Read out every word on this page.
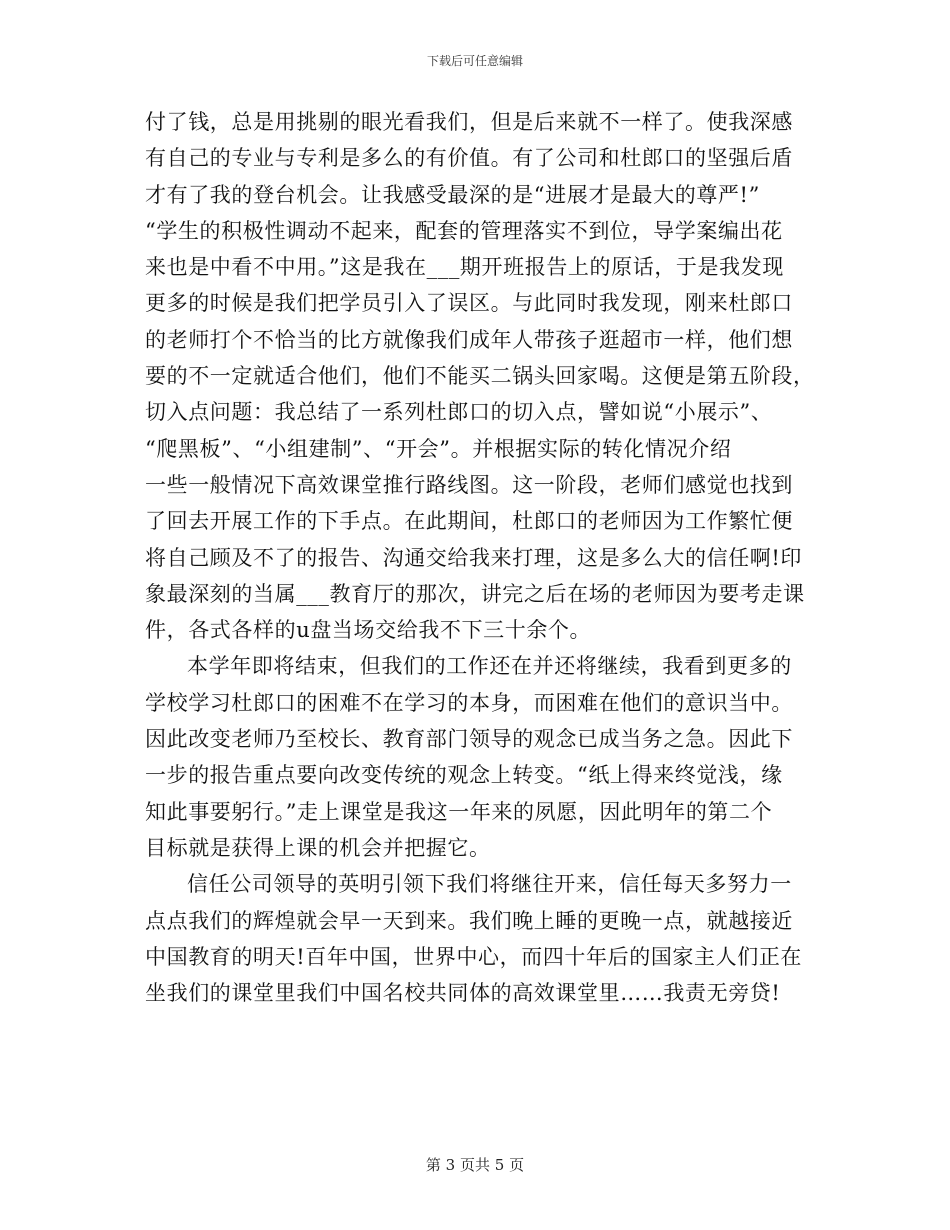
下载后可任意编辑
付了钱，总是用挑剔的眼光看我们，但是后来就不一样了。使我深感
有自己的专业与专利是多么的有价值。有了公司和杜郎口的坚强后盾
才有了我的登台机会。让我感受最深的是“进展才是最大的尊严!”
“学生的积极性调动不起来，配套的管理落实不到位，导学案编出花
来也是中看不中用。”这是我在___期开班报告上的原话，于是我发现
更多的时候是我们把学员引入了误区。与此同时我发现，刚来杜郎口
的老师打个不恰当的比方就像我们成年人带孩子逛超市一样，他们想
要的不一定就适合他们，他们不能买二锅头回家喝。这便是第五阶段，
切入点问题：我总结了一系列杜郎口的切入点，譬如说“小展示”、
“爬黑板”、“小组建制”、“开会”。并根据实际的转化情况介绍
一些一般情况下高效课堂推行路线图。这一阶段，老师们感觉也找到
了回去开展工作的下手点。在此期间，杜郎口的老师因为工作繁忙便
将自己顾及不了的报告、沟通交给我来打理，这是多么大的信任啊!印
象最深刻的当属___教育厅的那次，讲完之后在场的老师因为要考走课
件，各式各样的u盘当场交给我不下三十余个。
本学年即将结束，但我们的工作还在并还将继续，我看到更多的
学校学习杜郎口的困难不在学习的本身，而困难在他们的意识当中。
因此改变老师乃至校长、教育部门领导的观念已成当务之急。因此下
一步的报告重点要向改变传统的观念上转变。“纸上得来终觉浅，缘
知此事要躬行。”走上课堂是我这一年来的夙愿，因此明年的第二个
目标就是获得上课的机会并把握它。
信任公司领导的英明引领下我们将继往开来，信任每天多努力一
点点我们的辉煌就会早一天到来。我们晚上睡的更晚一点，就越接近
中国教育的明天!百年中国，世界中心，而四十年后的国家主人们正在
坐我们的课堂里我们中国名校共同体的高效课堂里……我责无旁贷!
第 3 页共 5 页
